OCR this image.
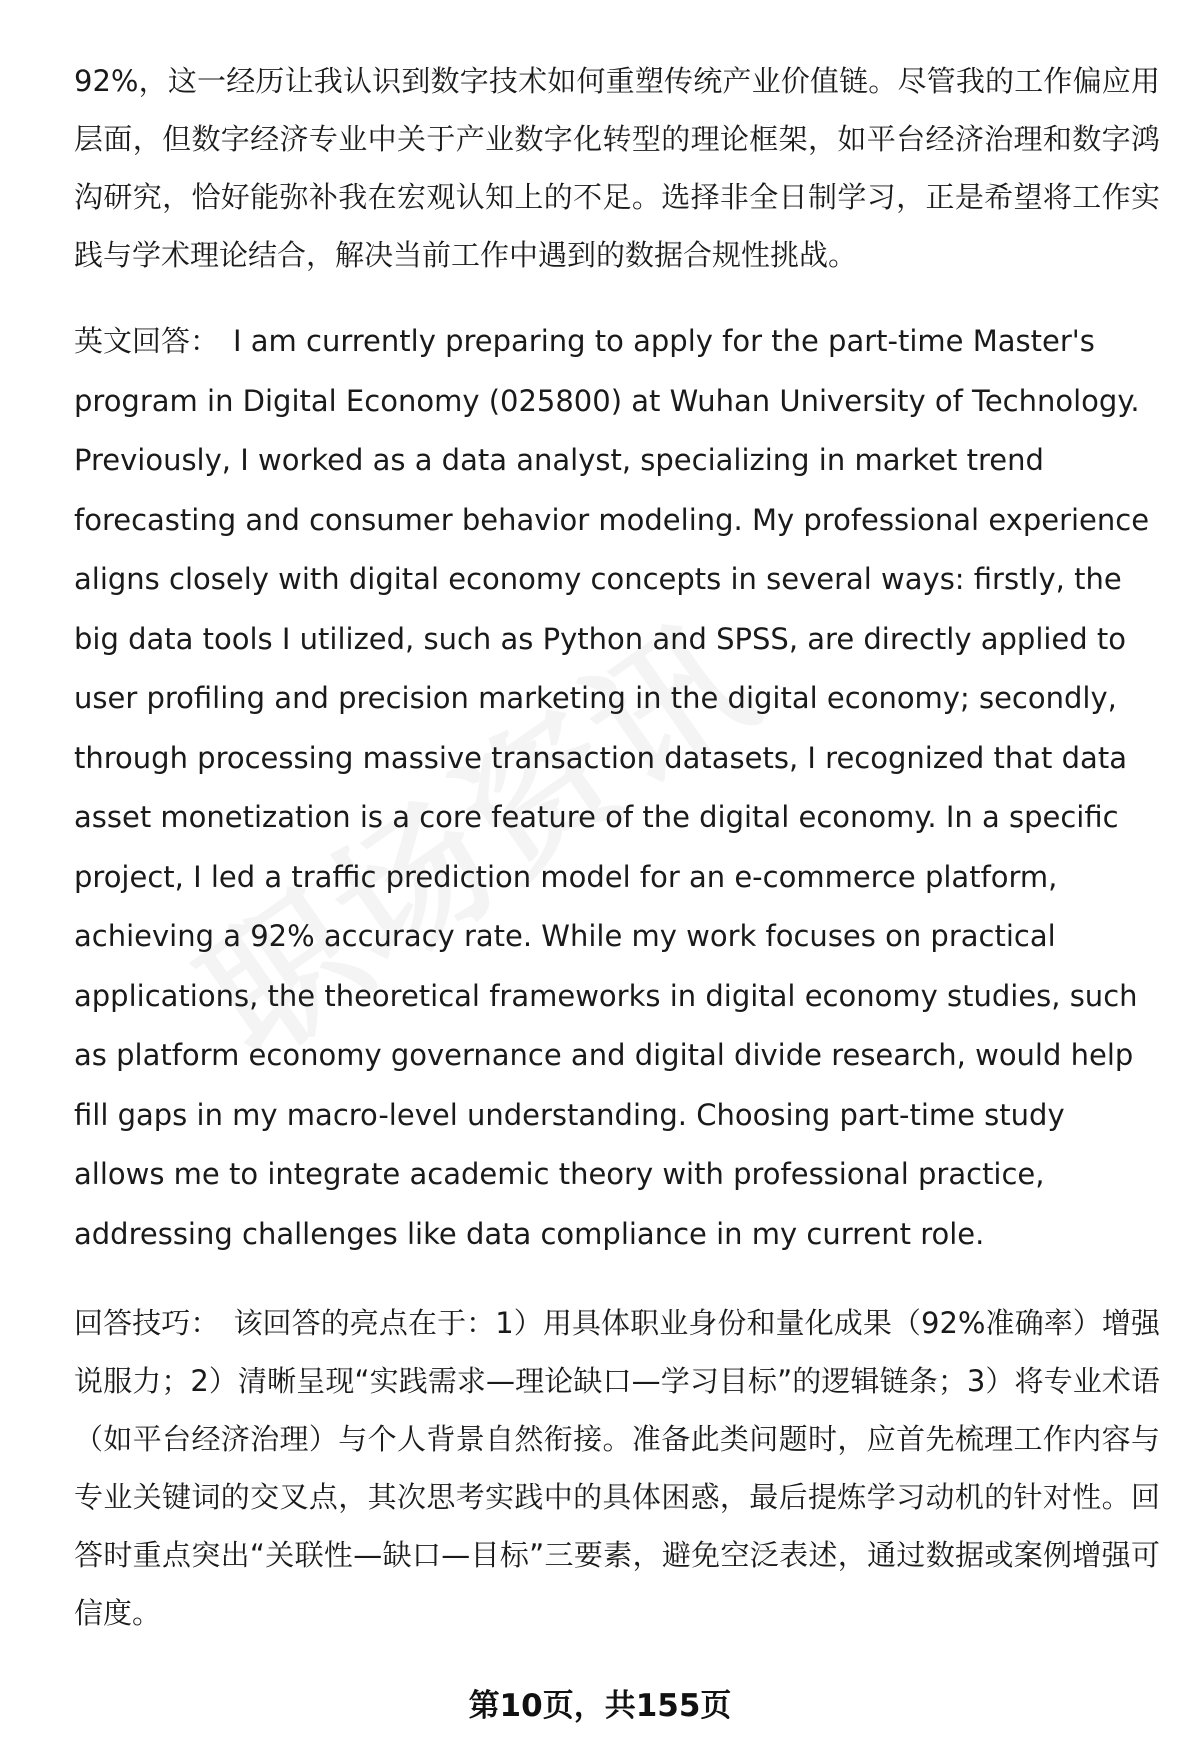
92%，这一经历让我认识到数字技术如何重塑传统产业价值链。尽管我的工作偏应用层面，但数字经济专业中关于产业数字化转型的理论框架，如平台经济治理和数字鸿沟研究，恰好能弥补我在宏观认知上的不足。选择非全日制学习，正是希望将工作实践与学术理论结合，解决当前工作中遇到的数据合规性挑战。

英文回答： I am currently preparing to apply for the part-time Master's program in Digital Economy (025800) at Wuhan University of Technology. Previously, I worked as a data analyst, specializing in market trend forecasting and consumer behavior modeling. My professional experience aligns closely with digital economy concepts in several ways: firstly, the big data tools I utilized, such as Python and SPSS, are directly applied to user profiling and precision marketing in the digital economy; secondly, through processing massive transaction datasets, I recognized that data asset monetization is a core feature of the digital economy. In a specific project, I led a traffic prediction model for an e-commerce platform, achieving a 92% accuracy rate. While my work focuses on practical applications, the theoretical frameworks in digital economy studies, such as platform economy governance and digital divide research, would help fill gaps in my macro-level understanding. Choosing part-time study allows me to integrate academic theory with professional practice, addressing challenges like data compliance in my current role.

回答技巧： 该回答的亮点在于：1）用具体职业身份和量化成果（92%准确率）增强说服力；2）清晰呈现“实践需求—理论缺口—学习目标”的逻辑链条；3）将专业术语（如平台经济治理）与个人背景自然衔接。准备此类问题时，应首先梳理工作内容与专业关键词的交叉点，其次思考实践中的具体困惑，最后提炼学习动机的针对性。回答时重点突出“关联性—缺口—目标”三要素，避免空泛表述，通过数据或案例增强可信度。

第10页，共155页
